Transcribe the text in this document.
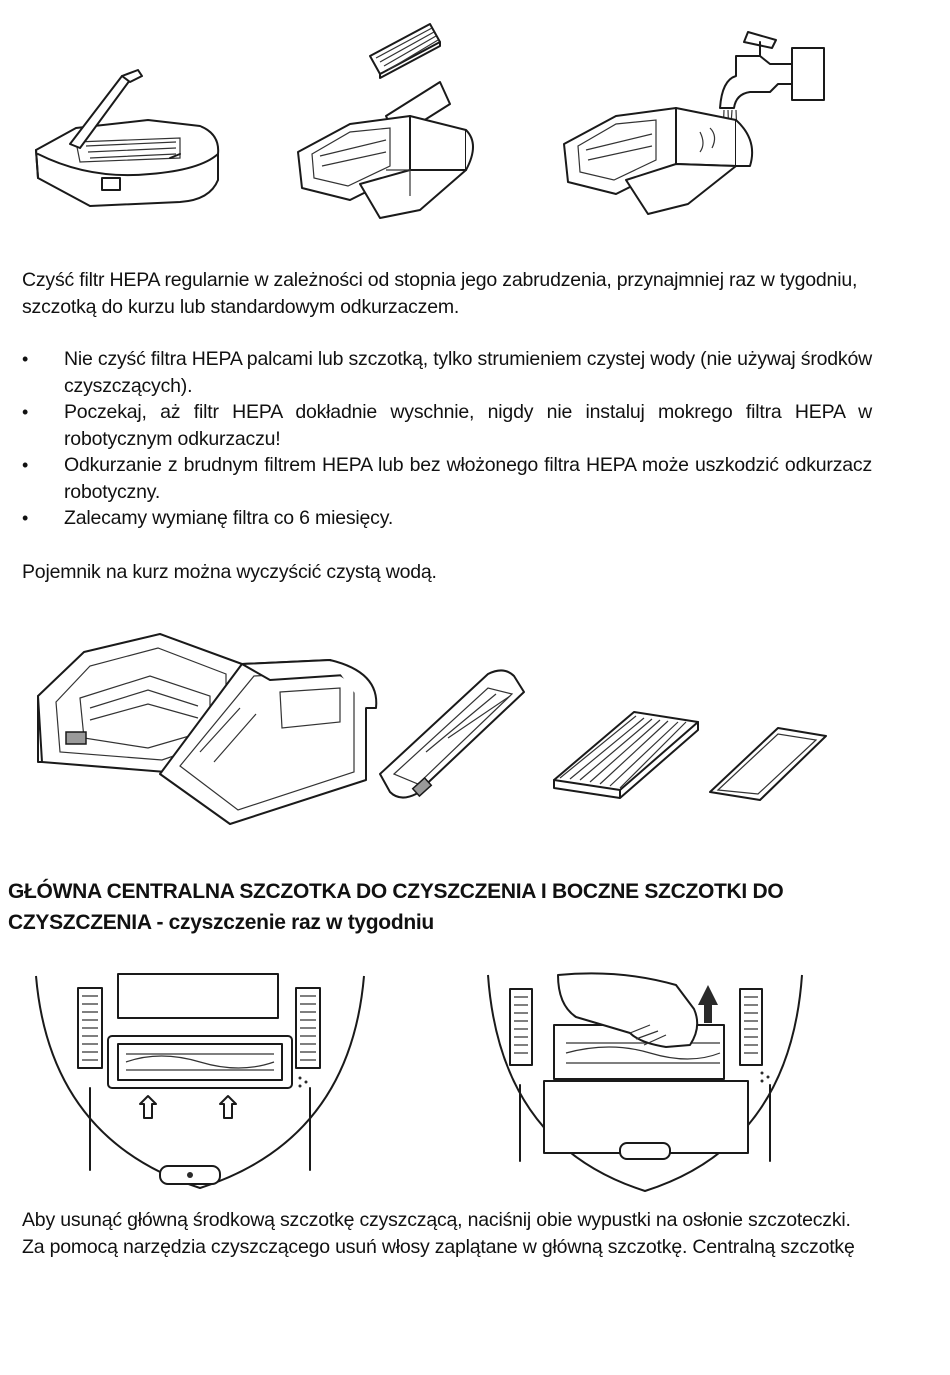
Czyść filtr HEPA regularnie w zależności od stopnia jego zabrudzenia, przynajmniej raz w tygodniu, szczotką do kurzu lub standardowym odkurzaczem.
• Nie czyść filtra HEPA palcami lub szczotką, tylko strumieniem czystej wody (nie używaj środków czyszczących).
• Poczekaj, aż filtr HEPA dokładnie wyschnie, nigdy nie instaluj mokrego filtra HEPA w robotycznym odkurzaczu!
• Odkurzanie z brudnym filtrem HEPA lub bez włożonego filtra HEPA może uszkodzić odkurzacz robotyczny.
• Zalecamy wymianę filtra co 6 miesięcy.
Pojemnik na kurz można wyczyścić czystą wodą.
GŁÓWNA CENTRALNA SZCZOTKA DO CZYSZCZENIA I BOCZNE SZCZOTKI DO CZYSZCZENIA - czyszczenie raz w tygodniu
Aby usunąć główną środkową szczotkę czyszczącą, naciśnij obie wypustki na osłonie szczoteczki. Za pomocą narzędzia czyszczącego usuń włosy zaplątane w główną szczotkę. Centralną szczotkę
